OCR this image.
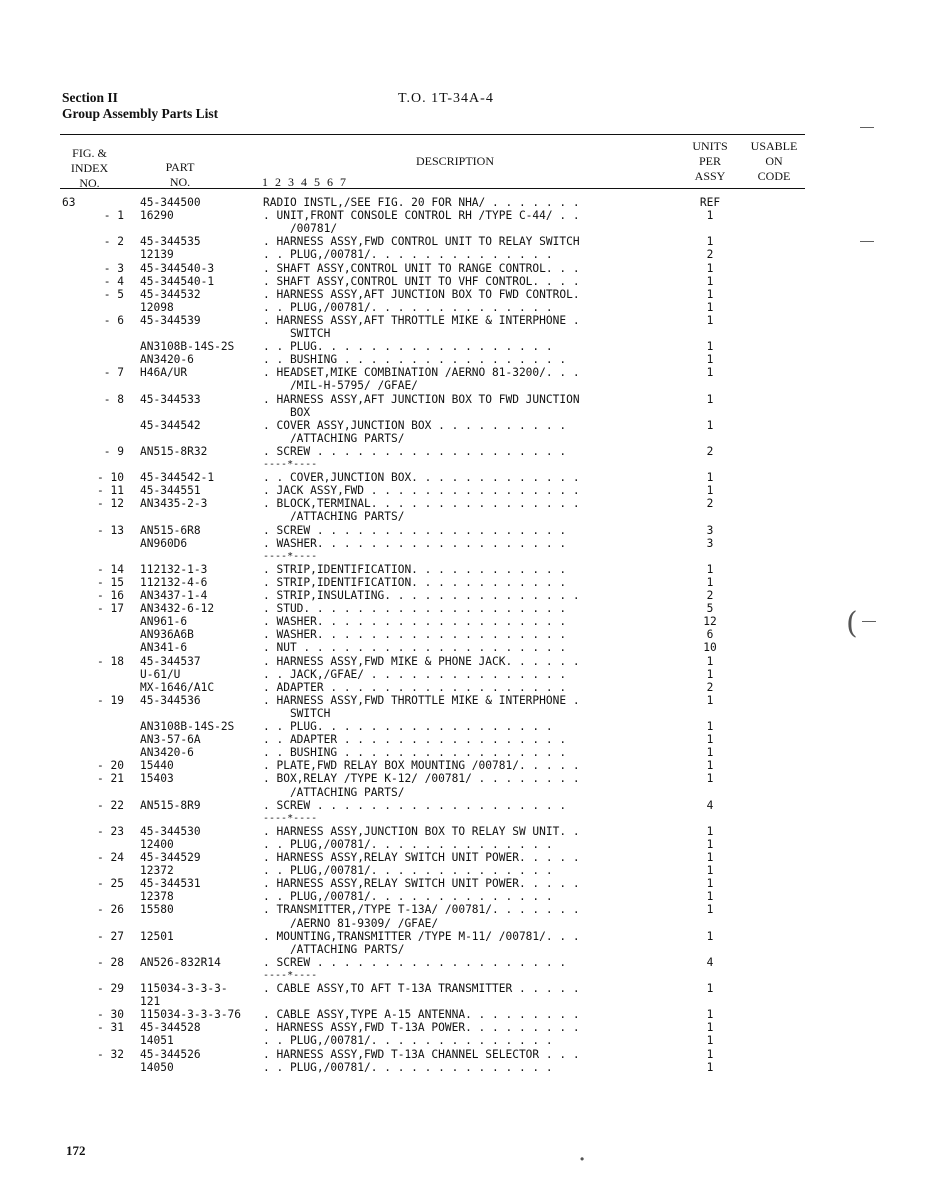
Section II
Group Assembly Parts List
T.O. 1T-34A-4
FIG. &
INDEX
NO.
PART
NO.
DESCRIPTION
1 2 3 4 5 6 7
UNITS
PER
ASSY
USABLE
ON
CODE
63	45-344500	RADIO INSTL,/SEE FIG. 20 FOR NHA/ . . . . . . .	REF
- 1 16290	. UNIT,FRONT CONSOLE CONTROL RH /TYPE C-44/ . .	1
/00781/
- 2 45-344535	. HARNESS ASSY,FWD CONTROL UNIT TO RELAY SWITCH	1
12139	. . PLUG,/00781/. . . . . . . . . . . . . .	2
- 3 45-344540-3	. SHAFT ASSY,CONTROL UNIT TO RANGE CONTROL. . .	1
- 4 45-344540-1	. SHAFT ASSY,CONTROL UNIT TO VHF CONTROL. . . .	1
- 5 45-344532	. HARNESS ASSY,AFT JUNCTION BOX TO FWD CONTROL.	1
12098	. . PLUG,/00781/. . . . . . . . . . . . . .	1
- 6 45-344539	. HARNESS ASSY,AFT THROTTLE MIKE & INTERPHONE .	1
SWITCH
AN3108B-14S-2S	. . PLUG. . . . . . . . . . . . . . . . . .	1
AN3420-6	. . BUSHING . . . . . . . . . . . . . . . . .	1
- 7 H46A/UR	. HEADSET,MIKE COMBINATION /AERNO 81-3200/. . .	1
/MIL-H-5795/ /GFAE/
- 8 45-344533	. HARNESS ASSY,AFT JUNCTION BOX TO FWD JUNCTION	1
BOX
45-344542	. COVER ASSY,JUNCTION BOX . . . . . . . . . .	1
/ATTACHING PARTS/
- 9 AN515-8R32	. SCREW . . . . . . . . . . . . . . . . . . .	2
----*----
- 10 45-344542-1	. . COVER,JUNCTION BOX. . . . . . . . . . . . .	1
- 11 45-344551	. JACK ASSY,FWD . . . . . . . . . . . . . . . .	1
- 12 AN3435-2-3	. BLOCK,TERMINAL. . . . . . . . . . . . . . . .	2
/ATTACHING PARTS/
- 13 AN515-6R8	. SCREW . . . . . . . . . . . . . . . . . . .	3
AN960D6	. WASHER. . . . . . . . . . . . . . . . . . .	3
----*----
- 14 112132-1-3	. STRIP,IDENTIFICATION. . . . . . . . . . . .	1
- 15 112132-4-6	. STRIP,IDENTIFICATION. . . . . . . . . . . .	1
- 16 AN3437-1-4	. STRIP,INSULATING. . . . . . . . . . . . . . .	2
- 17 AN3432-6-12	. STUD. . . . . . . . . . . . . . . . . . . .	5
AN961-6	. WASHER. . . . . . . . . . . . . . . . . . .	12
AN936A6B	. WASHER. . . . . . . . . . . . . . . . . . .	6
AN341-6	. NUT . . . . . . . . . . . . . . . . . . . .	10
- 18 45-344537	. HARNESS ASSY,FWD MIKE & PHONE JACK. . . . . .	1
U-61/U	. . JACK,/GFAE/ . . . . . . . . . . . . . . .	1
MX-1646/A1C	. ADAPTER . . . . . . . . . . . . . . . . . .	2
- 19 45-344536	. HARNESS ASSY,FWD THROTTLE MIKE & INTERPHONE .	1
SWITCH
AN3108B-14S-2S	. . PLUG. . . . . . . . . . . . . . . . . .	1
AN3-57-6A	. . ADAPTER . . . . . . . . . . . . . . . . .	1
AN3420-6	. . BUSHING . . . . . . . . . . . . . . . . .	1
- 20 15440	. PLATE,FWD RELAY BOX MOUNTING /00781/. . . . .	1
- 21 15403	. BOX,RELAY /TYPE K-12/ /00781/ . . . . . . . .	1
/ATTACHING PARTS/
- 22 AN515-8R9	. SCREW . . . . . . . . . . . . . . . . . . .	4
----*----
- 23 45-344530	. HARNESS ASSY,JUNCTION BOX TO RELAY SW UNIT. .	1
12400	. . PLUG,/00781/. . . . . . . . . . . . . .	1
- 24 45-344529	. HARNESS ASSY,RELAY SWITCH UNIT POWER. . . . .	1
12372	. . PLUG,/00781/. . . . . . . . . . . . . .	1
- 25 45-344531	. HARNESS ASSY,RELAY SWITCH UNIT POWER. . . . .	1
12378	. . PLUG,/00781/. . . . . . . . . . . . . .	1
- 26 15580	. TRANSMITTER,/TYPE T-13A/ /00781/. . . . . . .	1
/AERNO 81-9309/ /GFAE/
- 27 12501	. MOUNTING,TRANSMITTER /TYPE M-11/ /00781/. . .	1
/ATTACHING PARTS/
- 28 AN526-832R14	. SCREW . . . . . . . . . . . . . . . . . . .	4
----*----
- 29 115034-3-3-3-	. CABLE ASSY,TO AFT T-13A TRANSMITTER . . . . .	1
121
- 30 115034-3-3-3-76 . CABLE ASSY,TYPE A-15 ANTENNA. . . . . . . . .	1
- 31 45-344528	. HARNESS ASSY,FWD T-13A POWER. . . . . . . . .	1
14051	. . PLUG,/00781/. . . . . . . . . . . . . .	1
- 32 45-344526	. HARNESS ASSY,FWD T-13A CHANNEL SELECTOR . . .	1
14050	. . PLUG,/00781/. . . . . . . . . . . . . .	1
172
—
—
( —
•
